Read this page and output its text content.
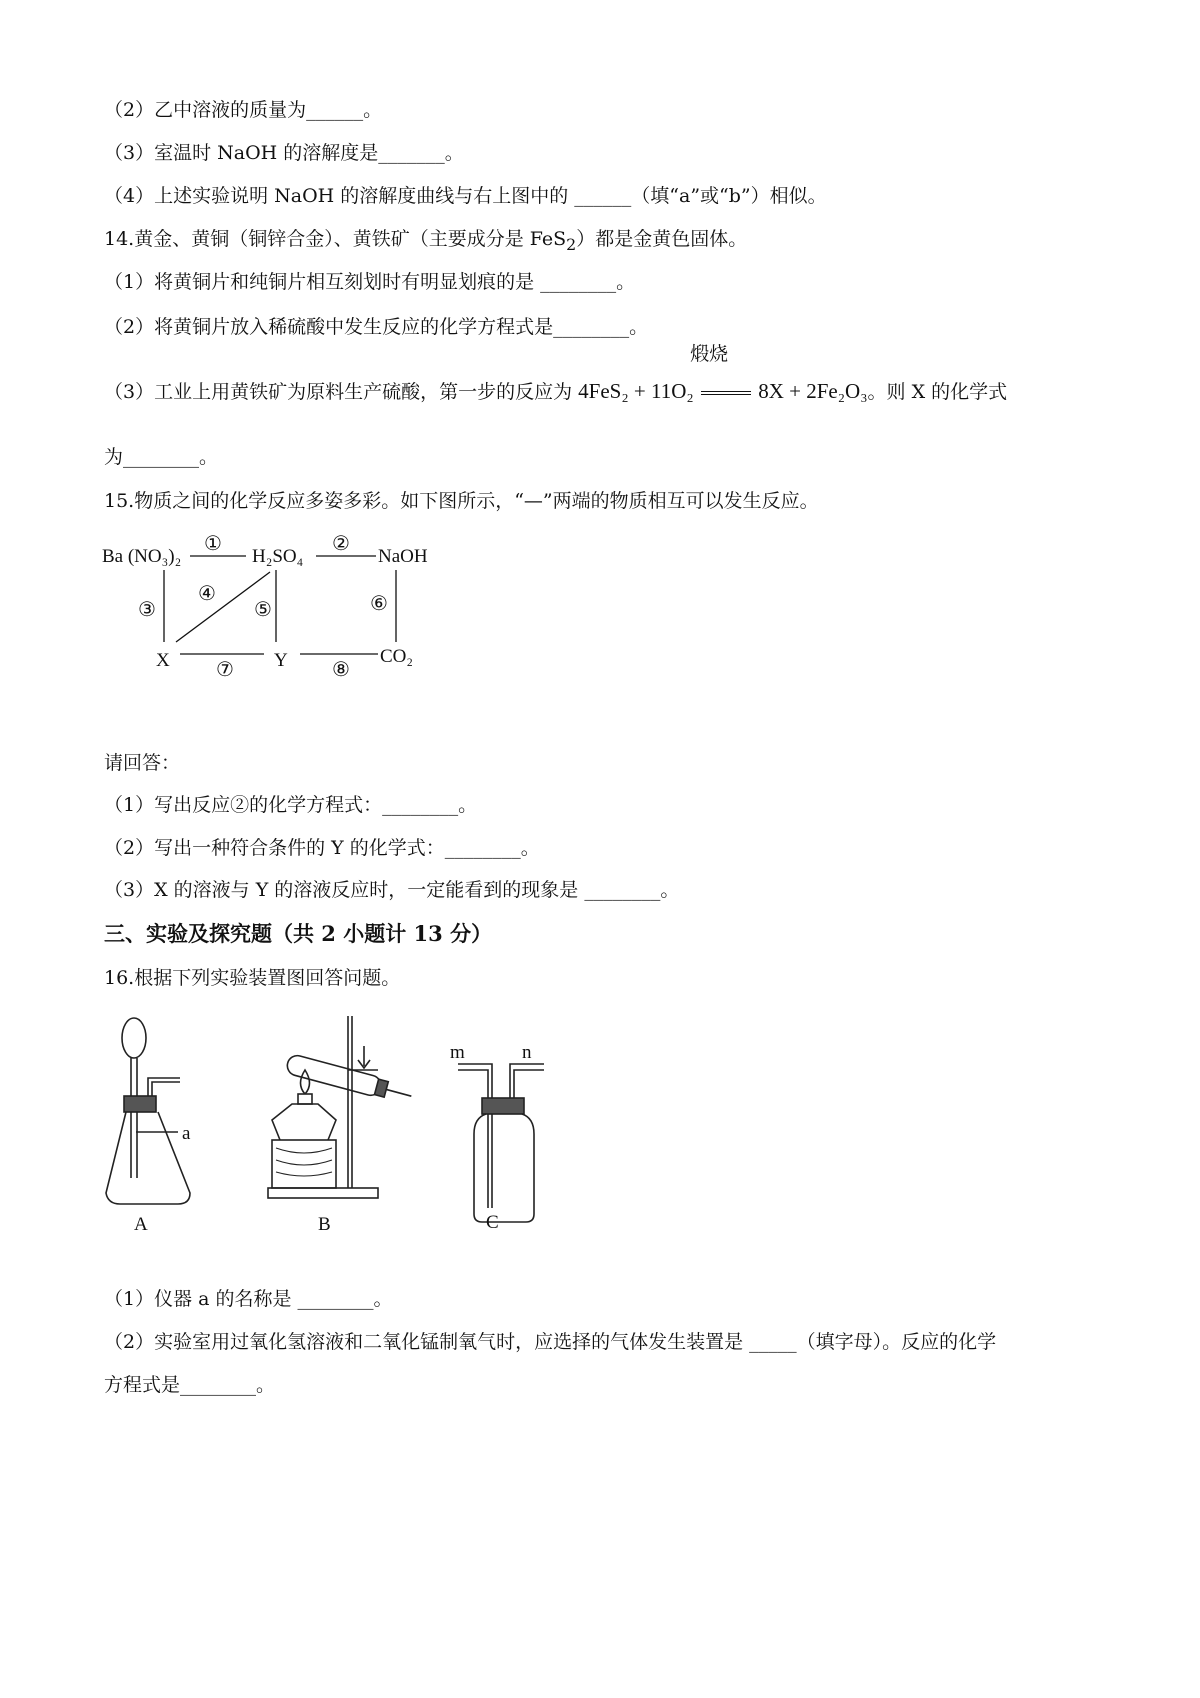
（2）乙中溶液的质量为______。
（3）室温时 NaOH 的溶解度是_______。
（4）上述实验说明 NaOH 的溶解度曲线与右上图中的 ______（填“a”或“b”）相似。
14.黄金、黄铜（铜锌合金）、黄铁矿（主要成分是 FeS$_2$）都是金黄色固体。
（1）将黄铜片和纯铜片相互刻划时有明显划痕的是 ________。
（2）将黄铜片放入稀硫酸中发生反应的化学方程式是________。
（3）工业上用黄铁矿为原料生产硫酸，第一步的反应为 4FeS₂ + 11O₂
煅烧
8X + 2Fe₂O₃。则 X 的化学式
为________。
15.物质之间的化学反应多姿多彩。如下图所示，“—”两端的物质相互可以发生反应。
Ba (NO₃)₂	H₂SO₄	NaOH
X	Y	CO₂
①	②
③
④
⑤	⑥
⑦	⑧
请回答：
（1）写出反应②的化学方程式：________。
（2）写出一种符合条件的 Y 的化学式：________。
（3）X 的溶液与 Y 的溶液反应时，一定能看到的现象是 ________。
三、实验及探究题（共 2 小题计 13 分）
16.根据下列实验装置图回答问题。
a
A	B	C
m	n
（1）仪器 a 的名称是 ________。
（2）实验室用过氧化氢溶液和二氧化锰制氧气时，应选择的气体发生装置是 _____（填字母）。反应的化学
方程式是________。
